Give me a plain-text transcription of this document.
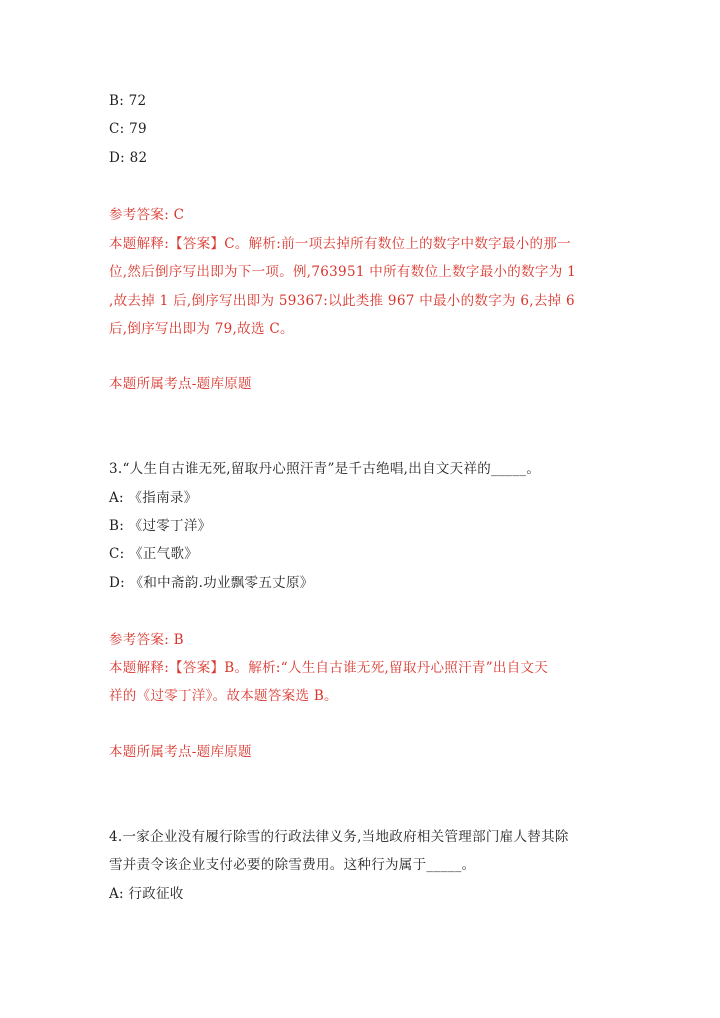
B: 72
C: 79
D: 82
参考答案: C
本题解释:【答案】C。解析:前一项去掉所有数位上的数字中数字最小的那一
位,然后倒序写出即为下一项。例,763951 中所有数位上数字最小的数字为 1
,故去掉 1 后,倒序写出即为 59367:以此类推 967 中最小的数字为 6,去掉 6
后,倒序写出即为 79,故选 C。
本题所属考点-题库原题
3.“人生自古谁无死,留取丹心照汗青”是千古绝唱,出自文天祥的_____。
A: 《指南录》
B: 《过零丁洋》
C: 《正气歌》
D: 《和中斋韵.功业飘零五丈原》
参考答案: B
本题解释:【答案】B。解析:“人生自古谁无死,留取丹心照汗青”出自文天
祥的《过零丁洋》。故本题答案选 B。
本题所属考点-题库原题
4.一家企业没有履行除雪的行政法律义务,当地政府相关管理部门雇人替其除
雪并责令该企业支付必要的除雪费用。这种行为属于_____。
A: 行政征收
